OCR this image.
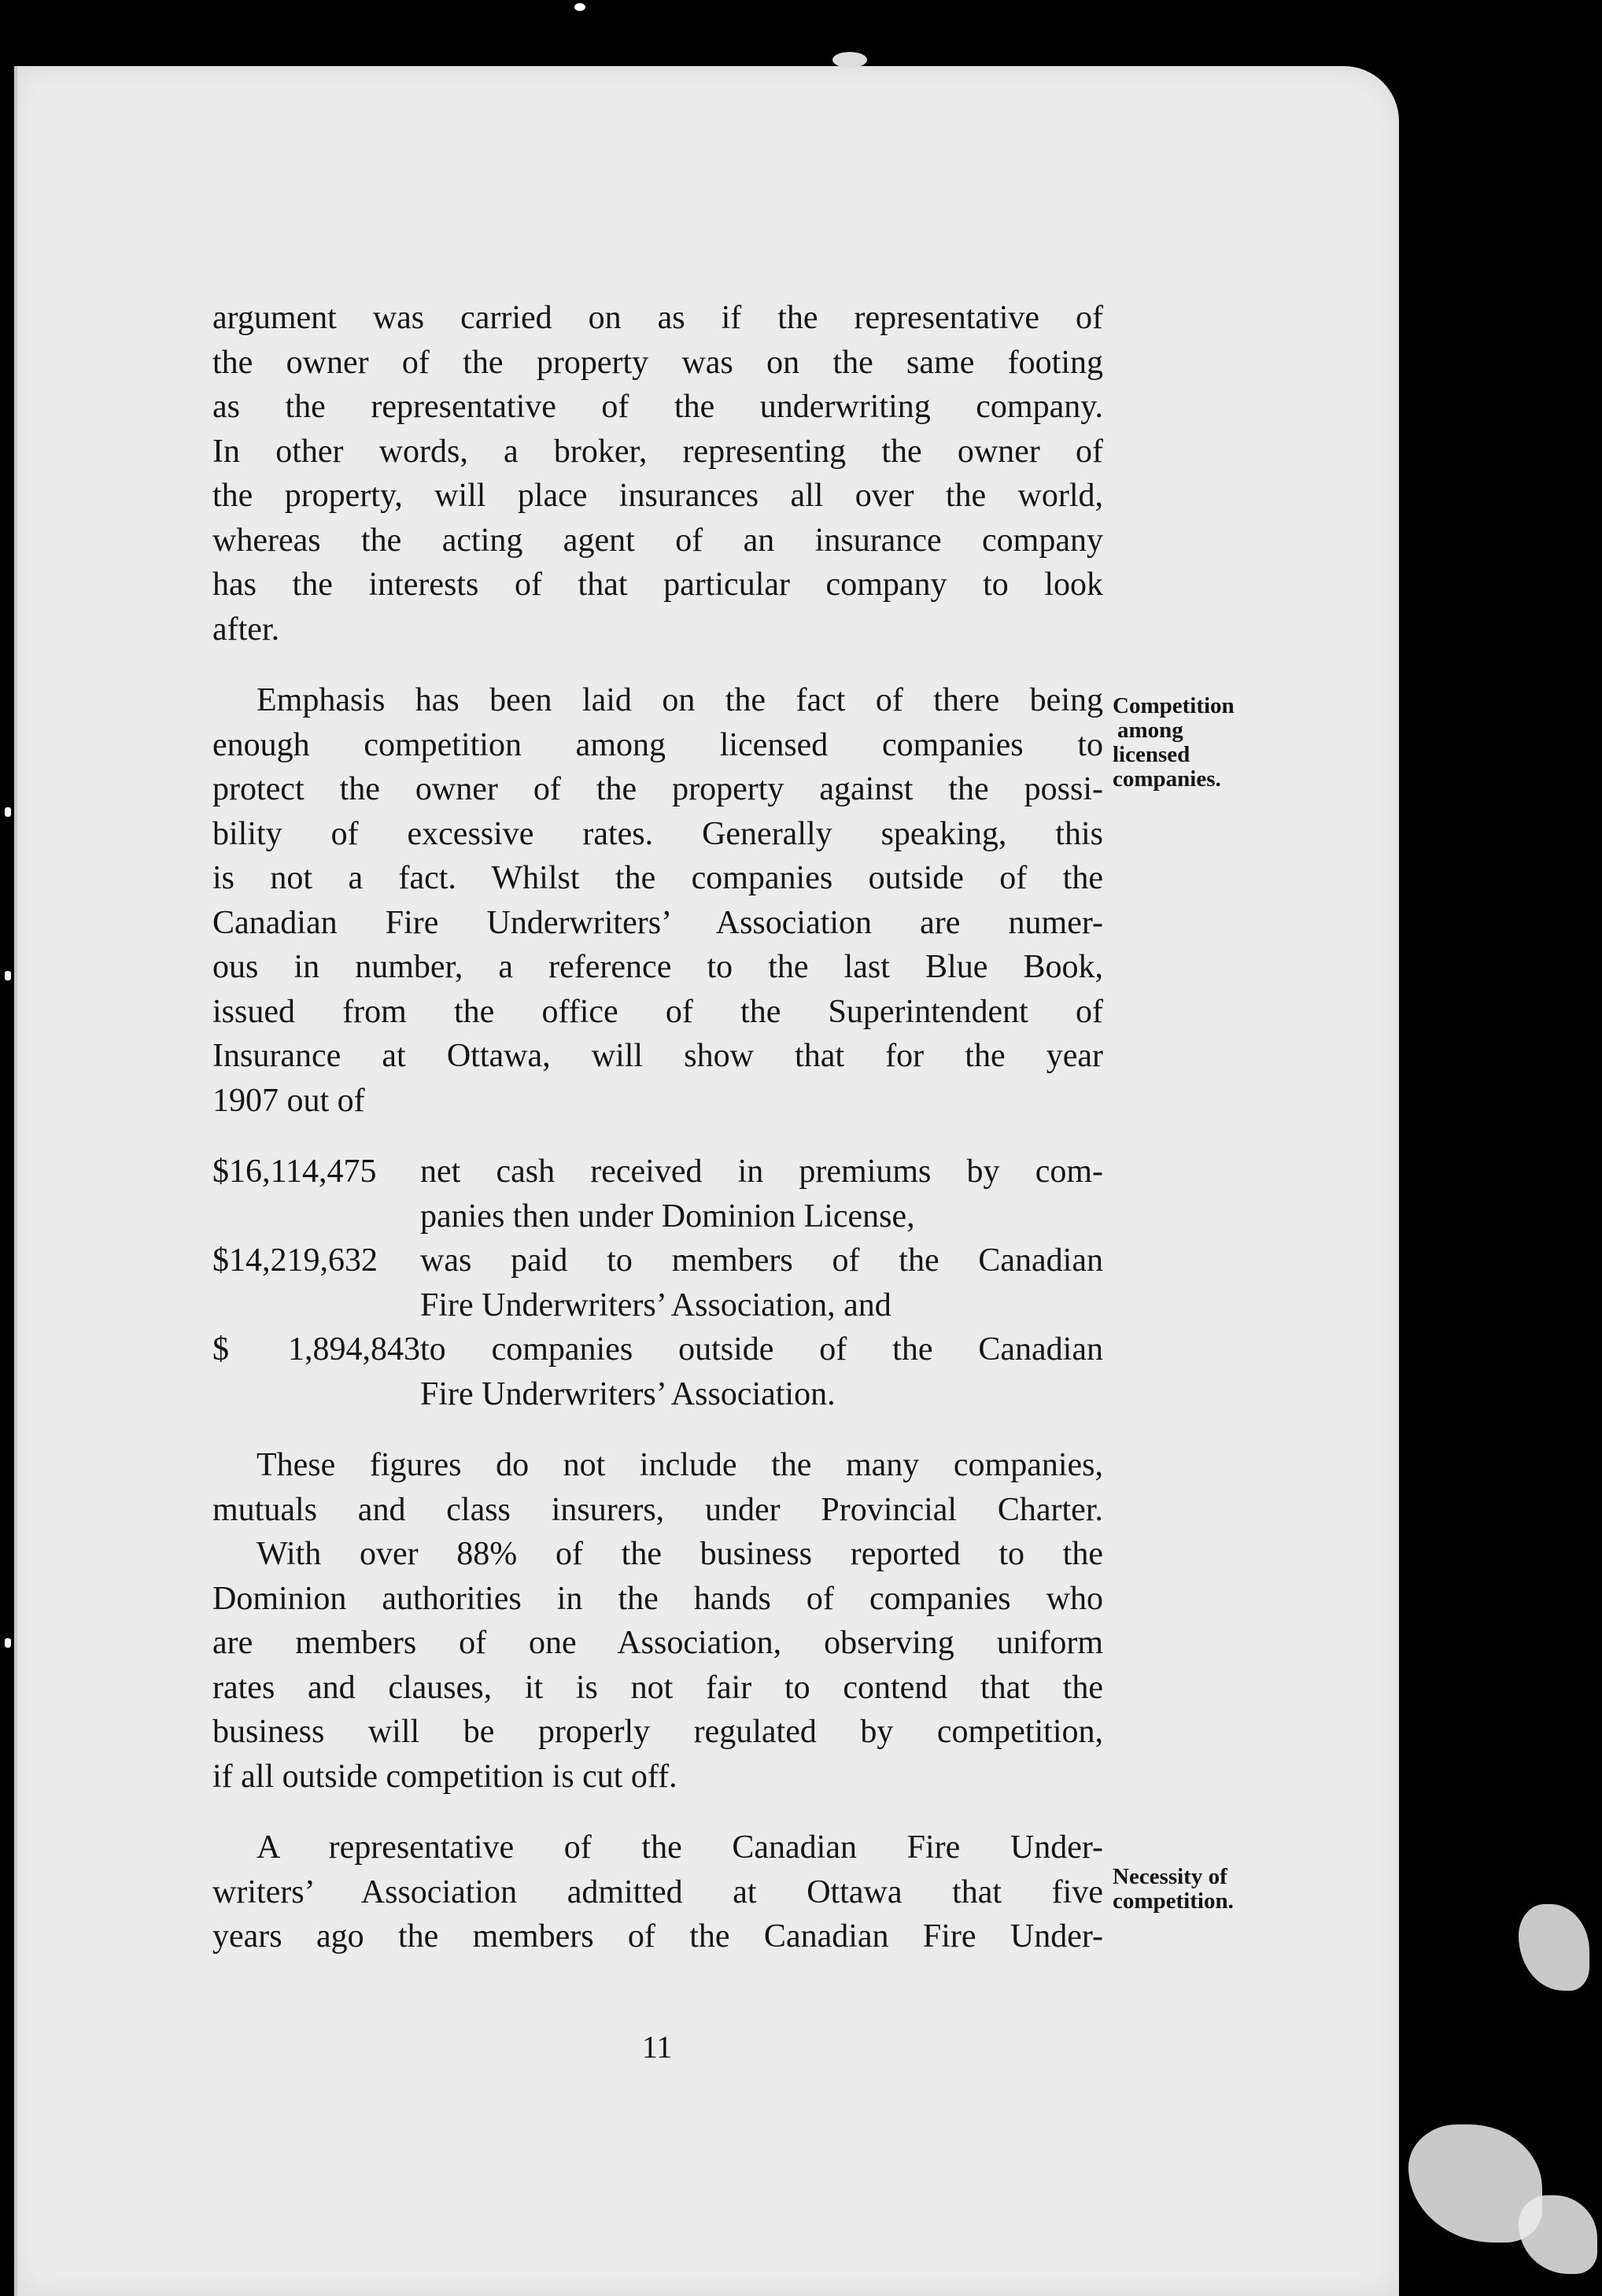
argument was carried on as if the representative of
the owner of the property was on the same footing
as the representative of the underwriting company.
In other words, a broker, representing the owner of
the property, will place insurances all over the world,
whereas the acting agent of an insurance company
has the interests of that particular company to look
after.

Emphasis has been laid on the fact of there being
enough competition among licensed companies to
protect the owner of the property against the possi-
bility of excessive rates. Generally speaking, this
is not a fact. Whilst the companies outside of the
Canadian Fire Underwriters’ Association are numer-
ous in number, a reference to the last Blue Book,
issued from the office of the Superintendent of
Insurance at Ottawa, will show that for the year
1907 out of

$16,114,475	net cash received in premiums by com-
panies then under Dominion License,
$14,219,632	was paid to members of the Canadian
Fire Underwriters’ Association, and
$ 1,894,843 to companies outside of the Canadian
Fire Underwriters’ Association.

These figures do not include the many companies,
mutuals and class insurers, under Provincial Charter.

With over 88% of the business reported to the
Dominion authorities in the hands of companies who
are members of one Association, observing uniform
rates and clauses, it is not fair to contend that the
business will be properly regulated by competition,
if all outside competition is cut off.

A representative of the Canadian Fire Under-
writers’ Association admitted at Ottawa that five
years ago the members of the Canadian Fire Under-

Competition
among
licensed
companies.
Necessity of
competition.
11
